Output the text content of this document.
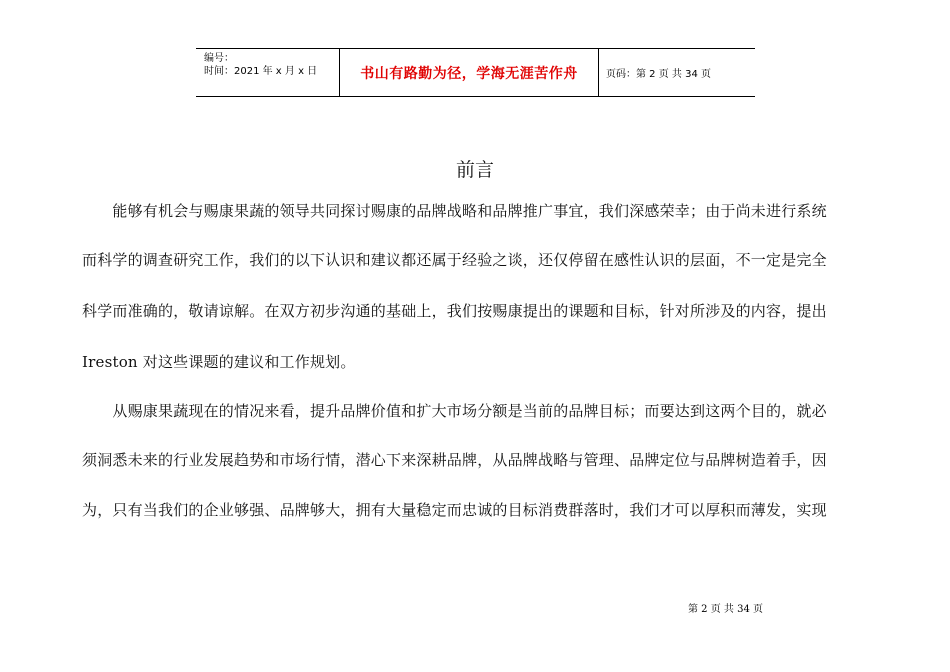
编号：
时间：2021 年 x 月 x 日	书山有路勤为径，学海无涯苦作舟	页码：第 2 页 共 34 页
前言
　　能够有机会与赐康果蔬的领导共同探讨赐康的品牌战略和品牌推广事宜，我们深感荣幸；由于尚未进行系统
而科学的调查研究工作，我们的以下认识和建议都还属于经验之谈，还仅停留在感性认识的层面，不一定是完全
科学而准确的，敬请谅解。在双方初步沟通的基础上，我们按赐康提出的课题和目标，针对所涉及的内容，提出
Ireston 对这些课题的建议和工作规划。
　　从赐康果蔬现在的情况来看，提升品牌价值和扩大市场分额是当前的品牌目标；而要达到这两个目的，就必
须洞悉未来的行业发展趋势和市场行情，潜心下来深耕品牌，从品牌战略与管理、品牌定位与品牌树造着手，因
为，只有当我们的企业够强、品牌够大，拥有大量稳定而忠诚的目标消费群落时，我们才可以厚积而薄发，实现
第 2 页 共 34 页
